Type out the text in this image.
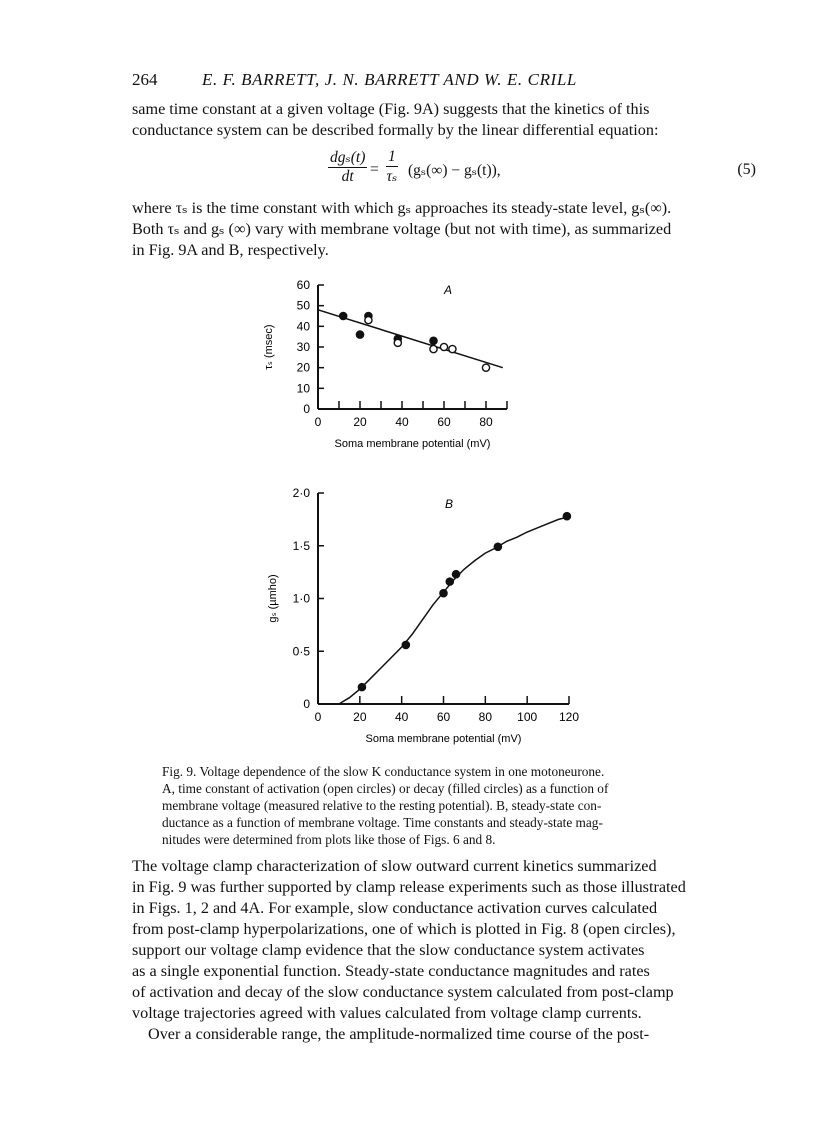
264	E. F. BARRETT, J. N. BARRETT AND W. E. CRILL

same time constant at a given voltage (Fig. 9A) suggests that the kinetics of this

conductance system can be described formally by the linear differential equation:

dgₛ(t)
dt	= $\frac{1}{\text{τₛ}} (g_s(\infty) - g_s(t))$,	(5)

where τₛ is the time constant with which gₛ approaches its steady-state level, gₛ(∞).

Both τₛ and gₛ (∞) vary with membrane voltage (but not with time), as summarized

in Fig. 9A and B, respectively.

0
10
20
30
40
50
60
0	20 40 60 80
Soma membrane potential (mV)
τₛ (msec)
A
0
0·5
1·0
1·5
2·0
0	20 40 60 80 100 120
Soma membrane potential (mV)
gₛ (µmho)
B

Fig. 9. Voltage dependence of the slow K conductance system in one motoneurone.

A, time constant of activation (open circles) or decay (filled circles) as a function of

membrane voltage (measured relative to the resting potential). B, steady-state con-

ductance as a function of membrane voltage. Time constants and steady-state mag-

nitudes were determined from plots like those of Figs. 6 and 8.

The voltage clamp characterization of slow outward current kinetics summarized

in Fig. 9 was further supported by clamp release experiments such as those illustrated

in Figs. 1, 2 and 4A. For example, slow conductance activation curves calculated

from post-clamp hyperpolarizations, one of which is plotted in Fig. 8 (open circles),

support our voltage clamp evidence that the slow conductance system activates

as a single exponential function. Steady-state conductance magnitudes and rates

of activation and decay of the slow conductance system calculated from post-clamp

voltage trajectories agreed with values calculated from voltage clamp currents.

Over a considerable range, the amplitude-normalized time course of the post-
